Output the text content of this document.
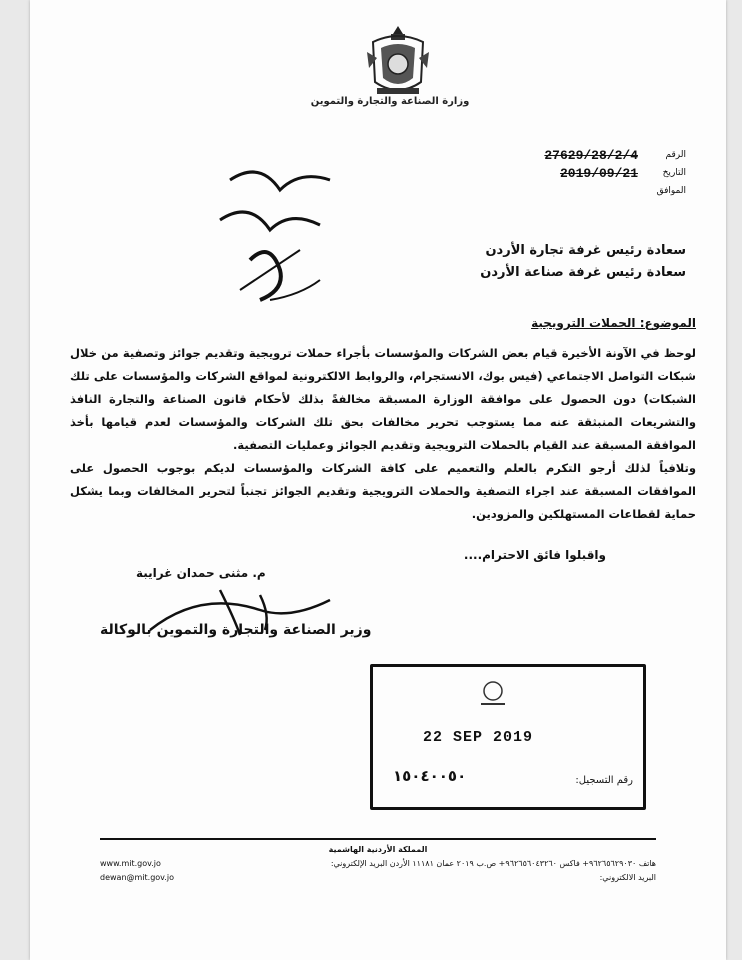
وزارة الصناعة والتجارة والتموين
الرقم
27629/28/2/4
التاريخ
2019/09/21
الموافق
سعادة رئيس غرفة تجارة الأردن
سعادة رئيس غرفة صناعة الأردن
الموضوع: الحملات الترويجية

لوحظ في الآونة الأخيرة قيام بعض الشركات والمؤسسات بأجراء حملات ترويجية وتقديم جوائز وتصفية من خلال شبكات التواصل الاجتماعي (فيس بوك، الانستجرام، والروابط الالكترونية لمواقع الشركات والمؤسسات على تلك الشبكات) دون الحصول على موافقة الوزارة المسبقة مخالفةً بذلك لأحكام قانون الصناعة والتجارة النافذ والتشريعات المنبثقة عنه مما يستوجب تحرير مخالفات بحق تلك الشركات والمؤسسات لعدم قيامها بأخذ الموافقة المسبقة عند القيام بالحملات الترويجية وتقديم الجوائز وعمليات التصفية.

وتلافياً لذلك أرجو التكرم بالعلم والتعميم على كافة الشركات والمؤسسات لديكم بوجوب الحصول على الموافقات المسبقة عند اجراء التصفية والحملات الترويجية وتقديم الجوائز تجنباً لتحرير المخالفات وبما يشكل حماية لقطاعات المستهلكين والمزودين.

واقبلوا فائق الاحترام....
م. مثنى حمدان غرايبة
وزير الصناعة والتجارة والتموين بالوكالة
22 SEP 2019
رقم التسجيل:
١٥٠٤٠٠٥٠
المملكة الأردنية الهاشمية
www.mit.gov.jo	هاتف ٩٦٢٦٥٦٢٩٠٣٠+ فاكس ٩٦٢٦٥٦٠٤٣٢٦٠+ ص.ب ٢٠١٩ عمان ١١١٨١ الأردن البريد الإلكتروني:
dewan@mit.gov.jo	البريد الالكتروني:
